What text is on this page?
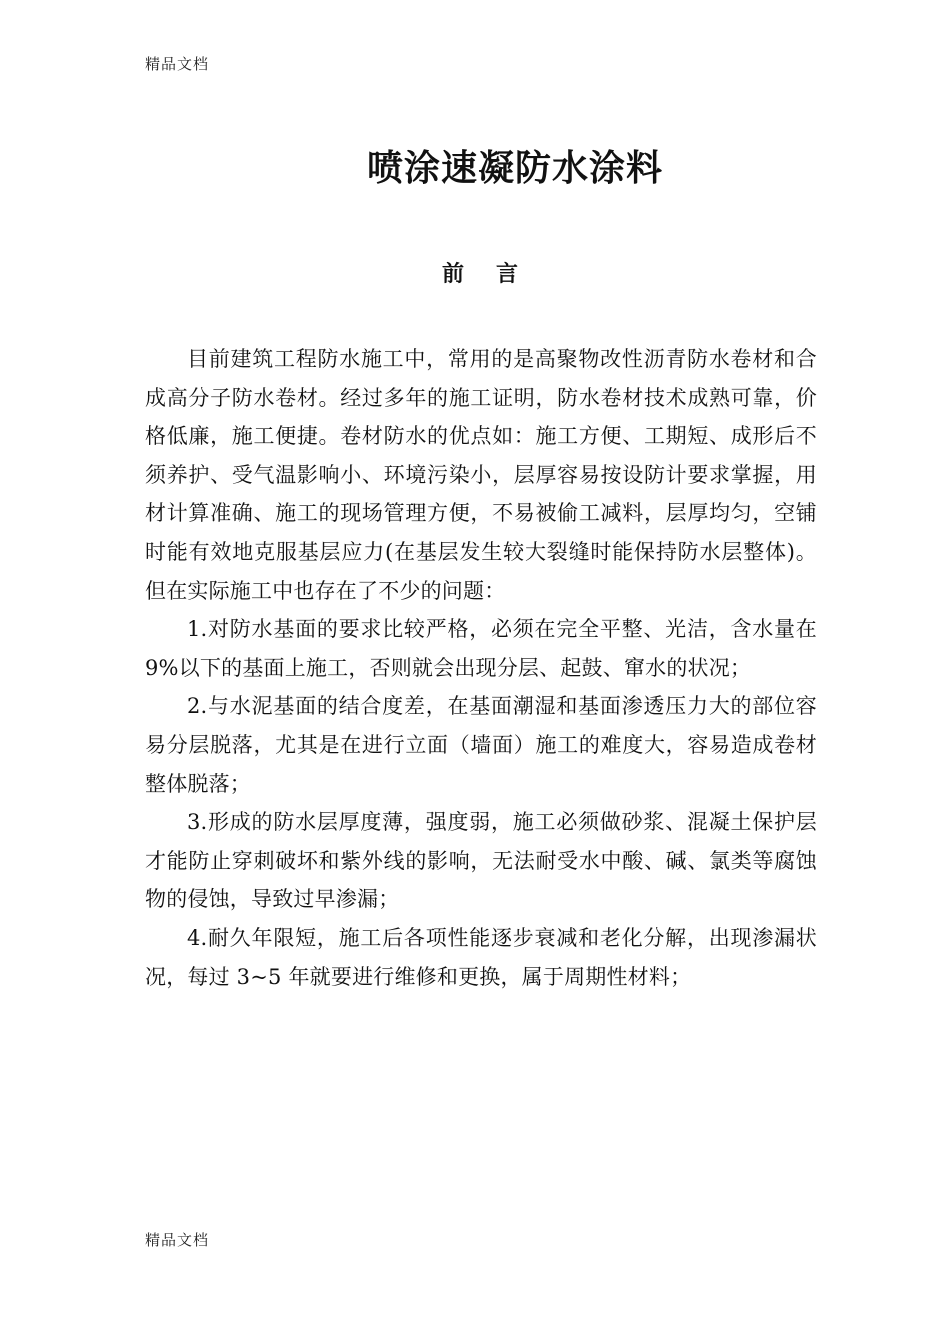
精品文档
喷涂速凝防水涂料
前言

目前建筑工程防水施工中，常用的是高聚物改性沥青防水卷材和合成高分子防水卷材。经过多年的施工证明，防水卷材技术成熟可靠，价格低廉，施工便捷。卷材防水的优点如：施工方便、工期短、成形后不须养护、受气温影响小、环境污染小，层厚容易按设防计要求掌握，用材计算准确、施工的现场管理方便，不易被偷工减料，层厚均匀，空铺时能有效地克服基层应力(在基层发生较大裂缝时能保持防水层整体)。但在实际施工中也存在了不少的问题：

1.对防水基面的要求比较严格，必须在完全平整、光洁，含水量在 9%以下的基面上施工，否则就会出现分层、起鼓、窜水的状况；

2.与水泥基面的结合度差，在基面潮湿和基面渗透压力大的部位容易分层脱落，尤其是在进行立面（墙面）施工的难度大，容易造成卷材整体脱落；

3.形成的防水层厚度薄，强度弱，施工必须做砂浆、混凝土保护层才能防止穿刺破坏和紫外线的影响，无法耐受水中酸、碱、氯类等腐蚀物的侵蚀，导致过早渗漏；

4.耐久年限短，施工后各项性能逐步衰减和老化分解，出现渗漏状况，每过 3~5 年就要进行维修和更换，属于周期性材料；

精品文档
